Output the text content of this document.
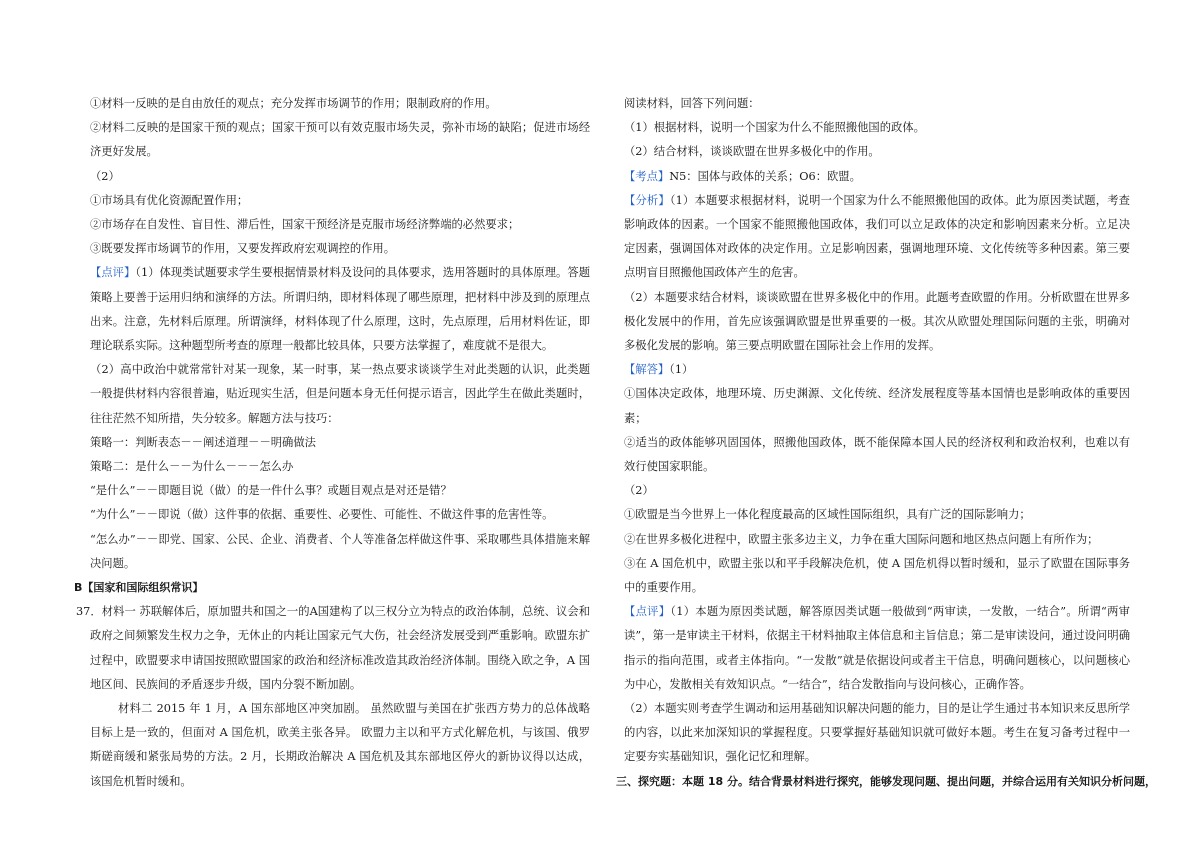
①材料一反映的是自由放任的观点；充分发挥市场调节的作用；限制政府的作用。

②材料二反映的是国家干预的观点；国家干预可以有效克服市场失灵，弥补市场的缺陷；促进市场经济更好发展。

（2）

①市场具有优化资源配置作用；

②市场存在自发性、盲目性、滞后性，国家干预经济是克服市场经济弊端的必然要求；

③既要发挥市场调节的作用，又要发挥政府宏观调控的作用。

【点评】（1）体现类试题要求学生要根据情景材料及设问的具体要求，选用答题时的具体原理。答题策略上要善于运用归纳和演绎的方法。所谓归纳，即材料体现了哪些原理，把材料中涉及到的原理点出来。注意，先材料后原理。所谓演绎，材料体现了什么原理，这时，先点原理，后用材料佐证，即理论联系实际。这种题型所考查的原理一般都比较具体，只要方法掌握了，难度就不是很大。

（2）高中政治中就常常针对某一现象，某一时事，某一热点要求谈谈学生对此类题的认识，此类题一般提供材料内容很普遍，贴近现实生活，但是问题本身无任何提示语言，因此学生在做此类题时，往往茫然不知所措，失分较多。解题方法与技巧：

策略一：判断表态－－阐述道理－－明确做法

策略二：是什么－－为什么－－－怎么办

“是什么”－－即题目说（做）的是一件什么事？或题目观点是对还是错？

“为什么”－－即说（做）这件事的依据、重要性、必要性、可能性、不做这件事的危害性等。

“怎么办”－－即党、国家、公民、企业、消费者、个人等准备怎样做这件事、采取哪些具体措施来解决问题。

B【国家和国际组织常识】

37．材料一 苏联解体后，原加盟共和国之一的A国建构了以三权分立为特点的政治体制，总统、议会和政府之间频繁发生权力之争，无休止的内耗让国家元气大伤，社会经济发展受到严重影响。欧盟东扩过程中，欧盟要求申请国按照欧盟国家的政治和经济标准改造其政治经济体制。围绕入欧之争，A 国地区间、民族间的矛盾逐步升级，国内分裂不断加剧。

材料二 2015 年 1 月，A 国东部地区冲突加剧。 虽然欧盟与美国在扩张西方势力的总体战略目标上是一致的，但面对 A 国危机，欧美主张各异。 欧盟力主以和平方式化解危机，与该国、俄罗斯磋商缓和紧张局势的方法。2 月，长期政治解决 A 国危机及其东部地区停火的新协议得以达成，该国危机暂时缓和。

阅读材料，回答下列问题：

（1）根据材料，说明一个国家为什么不能照搬他国的政体。

（2）结合材料，谈谈欧盟在世界多极化中的作用。

【考点】N5：国体与政体的关系；O6：欧盟。

【分析】（1）本题要求根据材料，说明一个国家为什么不能照搬他国的政体。此为原因类试题，考查影响政体的因素。一个国家不能照搬他国政体，我们可以立足政体的决定和影响因素来分析。立足决定因素，强调国体对政体的决定作用。立足影响因素，强调地理环境、文化传统等多种因素。第三要点明盲目照搬他国政体产生的危害。

（2）本题要求结合材料，谈谈欧盟在世界多极化中的作用。此题考查欧盟的作用。分析欧盟在世界多极化发展中的作用，首先应该强调欧盟是世界重要的一极。其次从欧盟处理国际问题的主张，明确对多极化发展的影响。第三要点明欧盟在国际社会上作用的发挥。

【解答】（1）

①国体决定政体，地理环境、历史渊源、文化传统、经济发展程度等基本国情也是影响政体的重要因素；

②适当的政体能够巩固国体，照搬他国政体，既不能保障本国人民的经济权利和政治权利，也难以有效行使国家职能。

（2）

①欧盟是当今世界上一体化程度最高的区域性国际组织，具有广泛的国际影响力；

②在世界多极化进程中，欧盟主张多边主义，力争在重大国际问题和地区热点问题上有所作为；

③在 A 国危机中，欧盟主张以和平手段解决危机，使 A 国危机得以暂时缓和，显示了欧盟在国际事务中的重要作用。

【点评】（1）本题为原因类试题，解答原因类试题一般做到“两审读，一发散，一结合”。所谓“两审读”，第一是审读主干材料，依据主干材料抽取主体信息和主旨信息；第二是审读设问，通过设问明确指示的指向范围，或者主体指向。“一发散”就是依据设问或者主干信息，明确问题核心，以问题核心为中心，发散相关有效知识点。“一结合”，结合发散指向与设问核心，正确作答。

（2）本题实则考查学生调动和运用基础知识解决问题的能力，目的是让学生通过书本知识来反思所学的内容，以此来加深知识的掌握程度。只要掌握好基础知识就可做好本题。考生在复习备考过程中一定要夯实基础知识，强化记忆和理解。

三、探究题：本题 18 分。结合背景材料进行探究，能够发现问题、提出问题，并综合运用有关知识分析问题，
